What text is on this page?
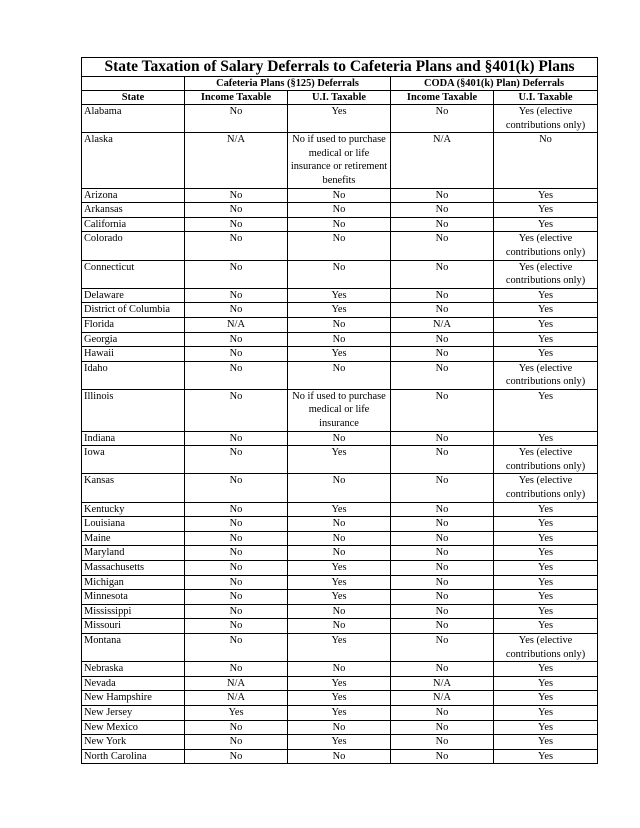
State Taxation of Salary Deferrals to Cafeteria Plans and §401(k) Plans				
	Cafeteria Plans (§125) Deferrals		CODA (§401(k) Plan) Deferrals	
State	Income Taxable	U.I. Taxable	Income Taxable	U.I. Taxable
Alabama	No	Yes	No	Yes (elective contributions only)
Alaska	N/A	No if used to purchase medical or life insurance or retirement benefits	N/A	No
Arizona	No	No	No	Yes
Arkansas	No	No	No	Yes
California	No	No	No	Yes
Colorado	No	No	No	Yes (elective contributions only)
Connecticut	No	No	No	Yes (elective contributions only)
Delaware	No	Yes	No	Yes
District of Columbia	No	Yes	No	Yes
Florida	N/A	No	N/A	Yes
Georgia	No	No	No	Yes
Hawaii	No	Yes	No	Yes
Idaho	No	No	No	Yes (elective contributions only)
Illinois	No	No if used to purchase medical or life insurance	No	Yes
Indiana	No	No	No	Yes
Iowa	No	Yes	No	Yes (elective contributions only)
Kansas	No	No	No	Yes (elective contributions only)
Kentucky	No	Yes	No	Yes
Louisiana	No	No	No	Yes
Maine	No	No	No	Yes
Maryland	No	No	No	Yes
Massachusetts	No	Yes	No	Yes
Michigan	No	Yes	No	Yes
Minnesota	No	Yes	No	Yes
Mississippi	No	No	No	Yes
Missouri	No	No	No	Yes
Montana	No	Yes	No	Yes (elective contributions only)
Nebraska	No	No	No	Yes
Nevada	N/A	Yes	N/A	Yes
New Hampshire	N/A	Yes	N/A	Yes
New Jersey	Yes	Yes	No	Yes
New Mexico	No	No	No	Yes
New York	No	Yes	No	Yes
North Carolina	No	No	No	Yes
